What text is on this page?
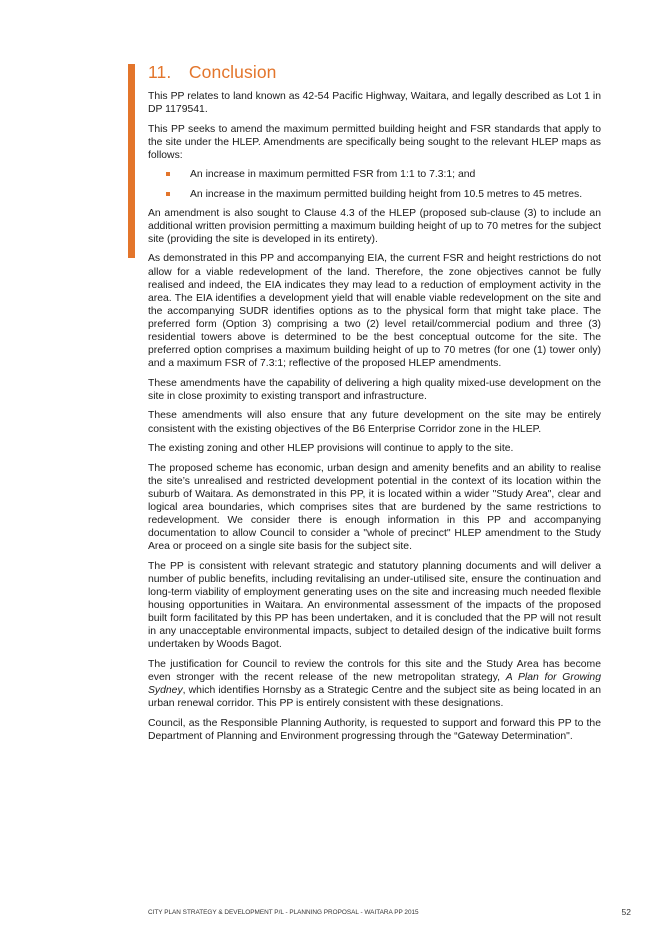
11. Conclusion

This PP relates to land known as 42-54 Pacific Highway, Waitara, and legally described as Lot 1 in DP 1179541.

This PP seeks to amend the maximum permitted building height and FSR standards that apply to the site under the HLEP. Amendments are specifically being sought to the relevant HLEP maps as follows:

An increase in maximum permitted FSR from 1:1 to 7.3:1; and
An increase in the maximum permitted building height from 10.5 metres to 45 metres.

An amendment is also sought to Clause 4.3 of the HLEP (proposed sub-clause (3) to include an additional written provision permitting a maximum building height of up to 70 metres for the subject site (providing the site is developed in its entirety).

As demonstrated in this PP and accompanying EIA, the current FSR and height restrictions do not allow for a viable redevelopment of the land. Therefore, the zone objectives cannot be fully realised and indeed, the EIA indicates they may lead to a reduction of employment activity in the area. The EIA identifies a development yield that will enable viable redevelopment on the site and the accompanying SUDR identifies options as to the physical form that might take place. The preferred form (Option 3) comprising a two (2) level retail/commercial podium and three (3) residential towers above is determined to be the best conceptual outcome for the site. The preferred option comprises a maximum building height of up to 70 metres (for one (1) tower only) and a maximum FSR of 7.3:1; reflective of the proposed HLEP amendments.

These amendments have the capability of delivering a high quality mixed-use development on the site in close proximity to existing transport and infrastructure.

These amendments will also ensure that any future development on the site may be entirely consistent with the existing objectives of the B6 Enterprise Corridor zone in the HLEP.

The existing zoning and other HLEP provisions will continue to apply to the site.

The proposed scheme has economic, urban design and amenity benefits and an ability to realise the site’s unrealised and restricted development potential in the context of its location within the suburb of Waitara. As demonstrated in this PP, it is located within a wider "Study Area", clear and logical area boundaries, which comprises sites that are burdened by the same restrictions to redevelopment. We consider there is enough information in this PP and accompanying documentation to allow Council to consider a "whole of precinct" HLEP amendment to the Study Area or proceed on a single site basis for the subject site.

The PP is consistent with relevant strategic and statutory planning documents and will deliver a number of public benefits, including revitalising an under-utilised site, ensure the continuation and long-term viability of employment generating uses on the site and increasing much needed flexible housing opportunities in Waitara. An environmental assessment of the impacts of the proposed built form facilitated by this PP has been undertaken, and it is concluded that the PP will not result in any unacceptable environmental impacts, subject to detailed design of the indicative built forms undertaken by Woods Bagot.

The justification for Council to review the controls for this site and the Study Area has become even stronger with the recent release of the new metropolitan strategy, A Plan for Growing Sydney, which identifies Hornsby as a Strategic Centre and the subject site as being located in an urban renewal corridor. This PP is entirely consistent with these designations.

Council, as the Responsible Planning Authority, is requested to support and forward this PP to the Department of Planning and Environment progressing through the “Gateway Determination".

CITY PLAN STRATEGY & DEVELOPMENT P/L - PLANNING PROPOSAL - WAITARA PP 2015	52
